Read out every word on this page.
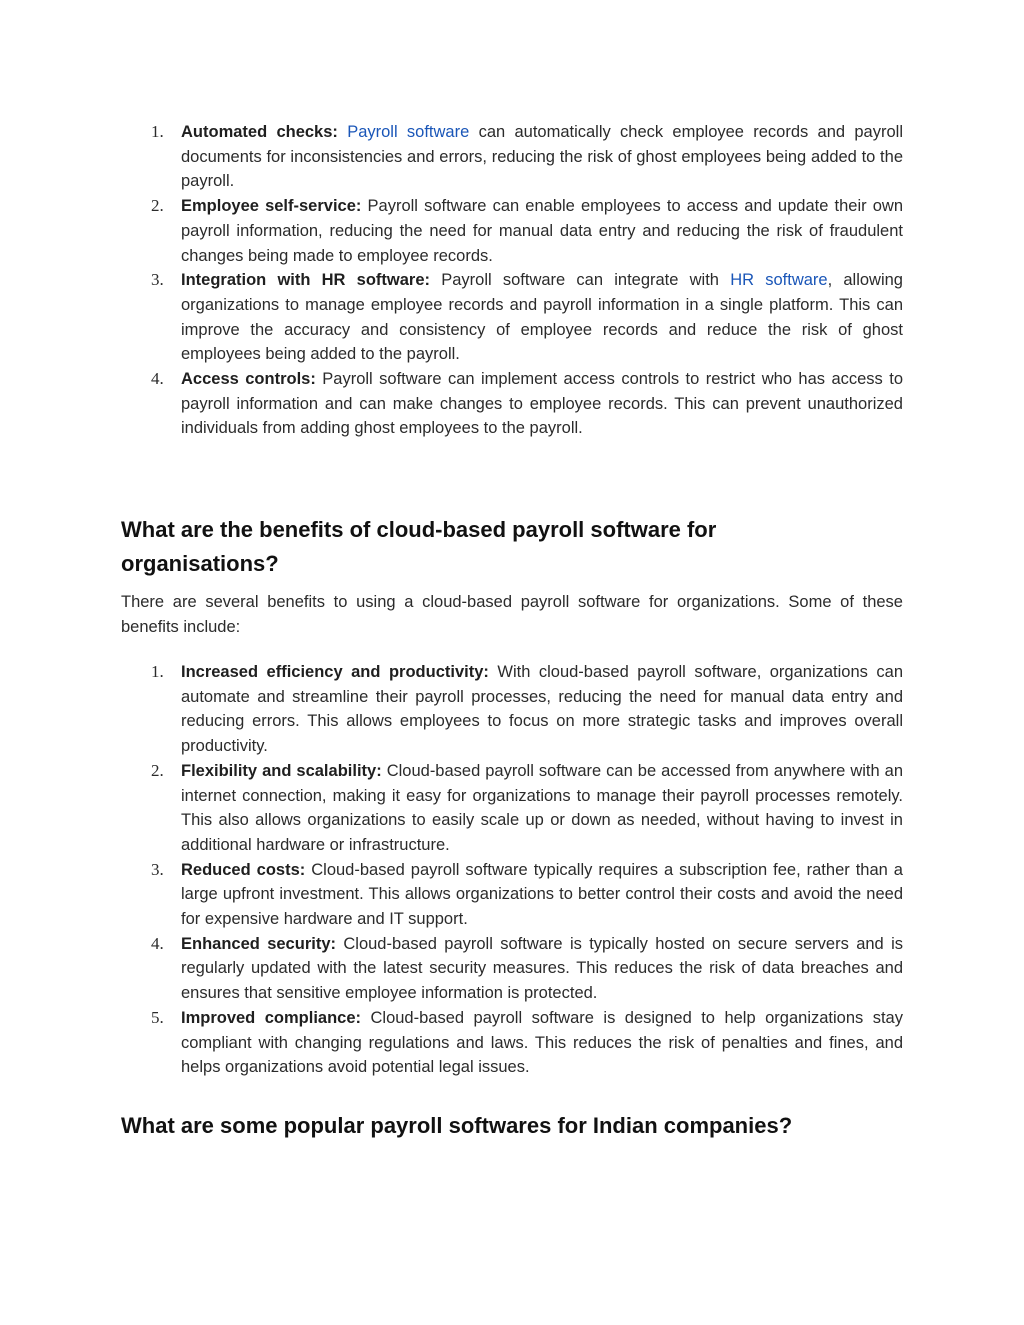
1. Automated checks: Payroll software can automatically check employee records and payroll documents for inconsistencies and errors, reducing the risk of ghost employees being added to the payroll.
2. Employee self-service: Payroll software can enable employees to access and update their own payroll information, reducing the need for manual data entry and reducing the risk of fraudulent changes being made to employee records.
3. Integration with HR software: Payroll software can integrate with HR software, allowing organizations to manage employee records and payroll information in a single platform. This can improve the accuracy and consistency of employee records and reduce the risk of ghost employees being added to the payroll.
4. Access controls: Payroll software can implement access controls to restrict who has access to payroll information and can make changes to employee records. This can prevent unauthorized individuals from adding ghost employees to the payroll.
What are the benefits of cloud-based payroll software for organisations?

There are several benefits to using a cloud-based payroll software for organizations. Some of these benefits include:

1. Increased efficiency and productivity: With cloud-based payroll software, organizations can automate and streamline their payroll processes, reducing the need for manual data entry and reducing errors. This allows employees to focus on more strategic tasks and improves overall productivity.
2. Flexibility and scalability: Cloud-based payroll software can be accessed from anywhere with an internet connection, making it easy for organizations to manage their payroll processes remotely. This also allows organizations to easily scale up or down as needed, without having to invest in additional hardware or infrastructure.
3. Reduced costs: Cloud-based payroll software typically requires a subscription fee, rather than a large upfront investment. This allows organizations to better control their costs and avoid the need for expensive hardware and IT support.
4. Enhanced security: Cloud-based payroll software is typically hosted on secure servers and is regularly updated with the latest security measures. This reduces the risk of data breaches and ensures that sensitive employee information is protected.
5. Improved compliance: Cloud-based payroll software is designed to help organizations stay compliant with changing regulations and laws. This reduces the risk of penalties and fines, and helps organizations avoid potential legal issues.
What are some popular payroll softwares for Indian companies?
